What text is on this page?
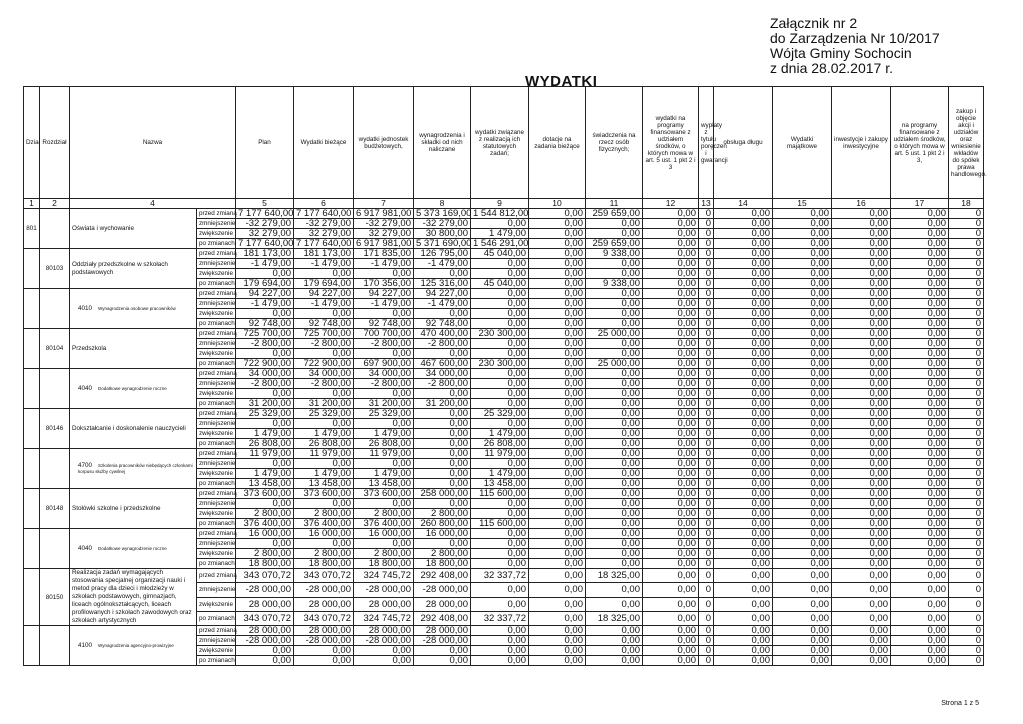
Załącznik nr 2
do Zarządzenia Nr 10/2017
Wójta Gminy Sochocin
z dnia 28.02.2017 r.
WYDATKI
Dział	Rozdział	Nazwa		Plan	Wydatki bieżące	wydatki jednostek budżetowych,	wynagrodzenia i składki od nich naliczane	wydatki związane z realizacją ich statutowych zadań;	dotacje na zadania bieżące	świadczenia na rzecz osób fizycznych;	wydatki na programy finansowane z udziałem środków, o których mowa w art. 5 ust. 1 pkt 2 i 3	wypłaty z tytułu poręczeń i gwarancji	obsługa długu	Wydatki majątkowe	inwestycje i zakupy inwestycyjne	na programy finansowane z udziałem środków, o których mowa w art. 5 ust. 1 pkt 2 i 3,	zakup i objęcie akcji i udziałów oraz wniesienie wkładów do spółek prawa handlowego.
1	2	4		5	6	7	8	9	10	11	12	13	14	15	16	17	18
801		Oświata i wychowanie	przed zmianą	7 177 640,00	7 177 640,00	6 917 981,00	5 373 169,00	1 544 812,00	0,00	259 659,00	0,00	0	0,00	0,00	0,00	0,00	0
			zmniejszenie	-32 279,00	-32 279,00	-32 279,00	-32 279,00	0,00	0,00	0,00	0,00	0	0,00	0,00	0,00	0,00	0
			zwiększenie	32 279,00	32 279,00	32 279,00	30 800,00	1 479,00	0,00	0,00	0,00	0	0,00	0,00	0,00	0,00	0
			po zmianach	7 177 640,00	7 177 640,00	6 917 981,00	5 371 690,00	1 546 291,00	0,00	259 659,00	0,00	0	0,00	0,00	0,00	0,00	0
	80103	Oddziały przedszkolne w szkołach podstawowych	przed zmianą	181 173,00	181 173,00	171 835,00	126 795,00	45 040,00	0,00	9 338,00	0,00	0	0,00	0,00	0,00	0,00	0
			zmniejszenie	-1 479,00	-1 479,00	-1 479,00	-1 479,00	0,00	0,00	0,00	0,00	0	0,00	0,00	0,00	0,00	0
			zwiększenie	0,00	0,00	0,00	0,00	0,00	0,00	0,00	0,00	0	0,00	0,00	0,00	0,00	0
			po zmianach	179 694,00	179 694,00	170 356,00	125 316,00	45 040,00	0,00	9 338,00	0,00	0	0,00	0,00	0,00	0,00	0
		4010 Wynagrodzenia osobowe pracowników	przed zmianą	94 227,00	94 227,00	94 227,00	94 227,00	0,00	0,00	0,00	0,00	0	0,00	0,00	0,00	0,00	0
			zmniejszenie	-1 479,00	-1 479,00	-1 479,00	-1 479,00	0,00	0,00	0,00	0,00	0	0,00	0,00	0,00	0,00	0
			zwiększenie	0,00	0,00	0,00	0,00	0,00	0,00	0,00	0,00	0	0,00	0,00	0,00	0,00	0
			po zmianach	92 748,00	92 748,00	92 748,00	92 748,00	0,00	0,00	0,00	0,00	0	0,00	0,00	0,00	0,00	0
	80104	Przedszkola	przed zmianą	725 700,00	725 700,00	700 700,00	470 400,00	230 300,00	0,00	25 000,00	0,00	0	0,00	0,00	0,00	0,00	0
			zmniejszenie	-2 800,00	-2 800,00	-2 800,00	-2 800,00	0,00	0,00	0,00	0,00	0	0,00	0,00	0,00	0,00	0
			zwiększenie	0,00	0,00	0,00	0,00	0,00	0,00	0,00	0,00	0	0,00	0,00	0,00	0,00	0
			po zmianach	722 900,00	722 900,00	697 900,00	467 600,00	230 300,00	0,00	25 000,00	0,00	0	0,00	0,00	0,00	0,00	0
		4040 Dodatkowe wynagrodzenie roczne	przed zmianą	34 000,00	34 000,00	34 000,00	34 000,00	0,00	0,00	0,00	0,00	0	0,00	0,00	0,00	0,00	0
			zmniejszenie	-2 800,00	-2 800,00	-2 800,00	-2 800,00	0,00	0,00	0,00	0,00	0	0,00	0,00	0,00	0,00	0
			zwiększenie	0,00	0,00	0,00	0,00	0,00	0,00	0,00	0,00	0	0,00	0,00	0,00	0,00	0
			po zmianach	31 200,00	31 200,00	31 200,00	31 200,00	0,00	0,00	0,00	0,00	0	0,00	0,00	0,00	0,00	0
	80146	Dokształcanie i doskonalenie nauczycieli	przed zmianą	25 329,00	25 329,00	25 329,00	0,00	25 329,00	0,00	0,00	0,00	0	0,00	0,00	0,00	0,00	0
			zmniejszenie	0,00	0,00	0,00	0,00	0,00	0,00	0,00	0,00	0	0,00	0,00	0,00	0,00	0
			zwiększenie	1 479,00	1 479,00	1 479,00	0,00	1 479,00	0,00	0,00	0,00	0	0,00	0,00	0,00	0,00	0
			po zmianach	26 808,00	26 808,00	26 808,00	0,00	26 808,00	0,00	0,00	0,00	0	0,00	0,00	0,00	0,00	0
		4700 Szkolenia pracowników niebędących członkami korpusu służby cywilnej	przed zmianą	11 979,00	11 979,00	11 979,00	0,00	11 979,00	0,00	0,00	0,00	0	0,00	0,00	0,00	0,00	0
			zmniejszenie	0,00	0,00	0,00	0,00	0,00	0,00	0,00	0,00	0	0,00	0,00	0,00	0,00	0
			zwiększenie	1 479,00	1 479,00	1 479,00	0,00	1 479,00	0,00	0,00	0,00	0	0,00	0,00	0,00	0,00	0
			po zmianach	13 458,00	13 458,00	13 458,00	0,00	13 458,00	0,00	0,00	0,00	0	0,00	0,00	0,00	0,00	0
	80148	Stołówki szkolne i przedszkolne	przed zmianą	373 600,00	373 600,00	373 600,00	258 000,00	115 600,00	0,00	0,00	0,00	0	0,00	0,00	0,00	0,00	0
			zmniejszenie	0,00	0,00	0,00	0,00	0,00	0,00	0,00	0,00	0	0,00	0,00	0,00	0,00	0
			zwiększenie	2 800,00	2 800,00	2 800,00	2 800,00	0,00	0,00	0,00	0,00	0	0,00	0,00	0,00	0,00	0
			po zmianach	376 400,00	376 400,00	376 400,00	260 800,00	115 600,00	0,00	0,00	0,00	0	0,00	0,00	0,00	0,00	0
		4040 Dodatkowe wynagrodzenie roczne	przed zmianą	16 000,00	16 000,00	16 000,00	16 000,00	0,00	0,00	0,00	0,00	0	0,00	0,00	0,00	0,00	0
			zmniejszenie	0,00	0,00	0,00	0,00	0,00	0,00	0,00	0,00	0	0,00	0,00	0,00	0,00	0
			zwiększenie	2 800,00	2 800,00	2 800,00	2 800,00	0,00	0,00	0,00	0,00	0	0,00	0,00	0,00	0,00	0
			po zmianach	18 800,00	18 800,00	18 800,00	18 800,00	0,00	0,00	0,00	0,00	0	0,00	0,00	0,00	0,00	0
	80150	Realizacja zadań wymagających stosowania specjalnej organizacji nauki i metod pracy dla dzieci i młodzieży w szkołach podstawowych, gimnazjach, liceach ogólnokształcących, liceach profilowanych i szkołach zawodowych oraz szkołach artystycznych	przed zmianą	343 070,72	343 070,72	324 745,72	292 408,00	32 337,72	0,00	18 325,00	0,00	0	0,00	0,00	0,00	0,00	0
			zmniejszenie	-28 000,00	-28 000,00	-28 000,00	-28 000,00	0,00	0,00	0,00	0,00	0	0,00	0,00	0,00	0,00	0
			zwiększenie	28 000,00	28 000,00	28 000,00	28 000,00	0,00	0,00	0,00	0,00	0	0,00	0,00	0,00	0,00	0
			po zmianach	343 070,72	343 070,72	324 745,72	292 408,00	32 337,72	0,00	18 325,00	0,00	0	0,00	0,00	0,00	0,00	0
		4100 Wynagrodzenia agencyjno-prowizyjne	przed zmianą	28 000,00	28 000,00	28 000,00	28 000,00	0,00	0,00	0,00	0,00	0	0,00	0,00	0,00	0,00	0
			zmniejszenie	-28 000,00	-28 000,00	-28 000,00	-28 000,00	0,00	0,00	0,00	0,00	0	0,00	0,00	0,00	0,00	0
			zwiększenie	0,00	0,00	0,00	0,00	0,00	0,00	0,00	0,00	0	0,00	0,00	0,00	0,00	0
			po zmianach	0,00	0,00	0,00	0,00	0,00	0,00	0,00	0,00	0	0,00	0,00	0,00	0,00	0
Strona 1 z 5
